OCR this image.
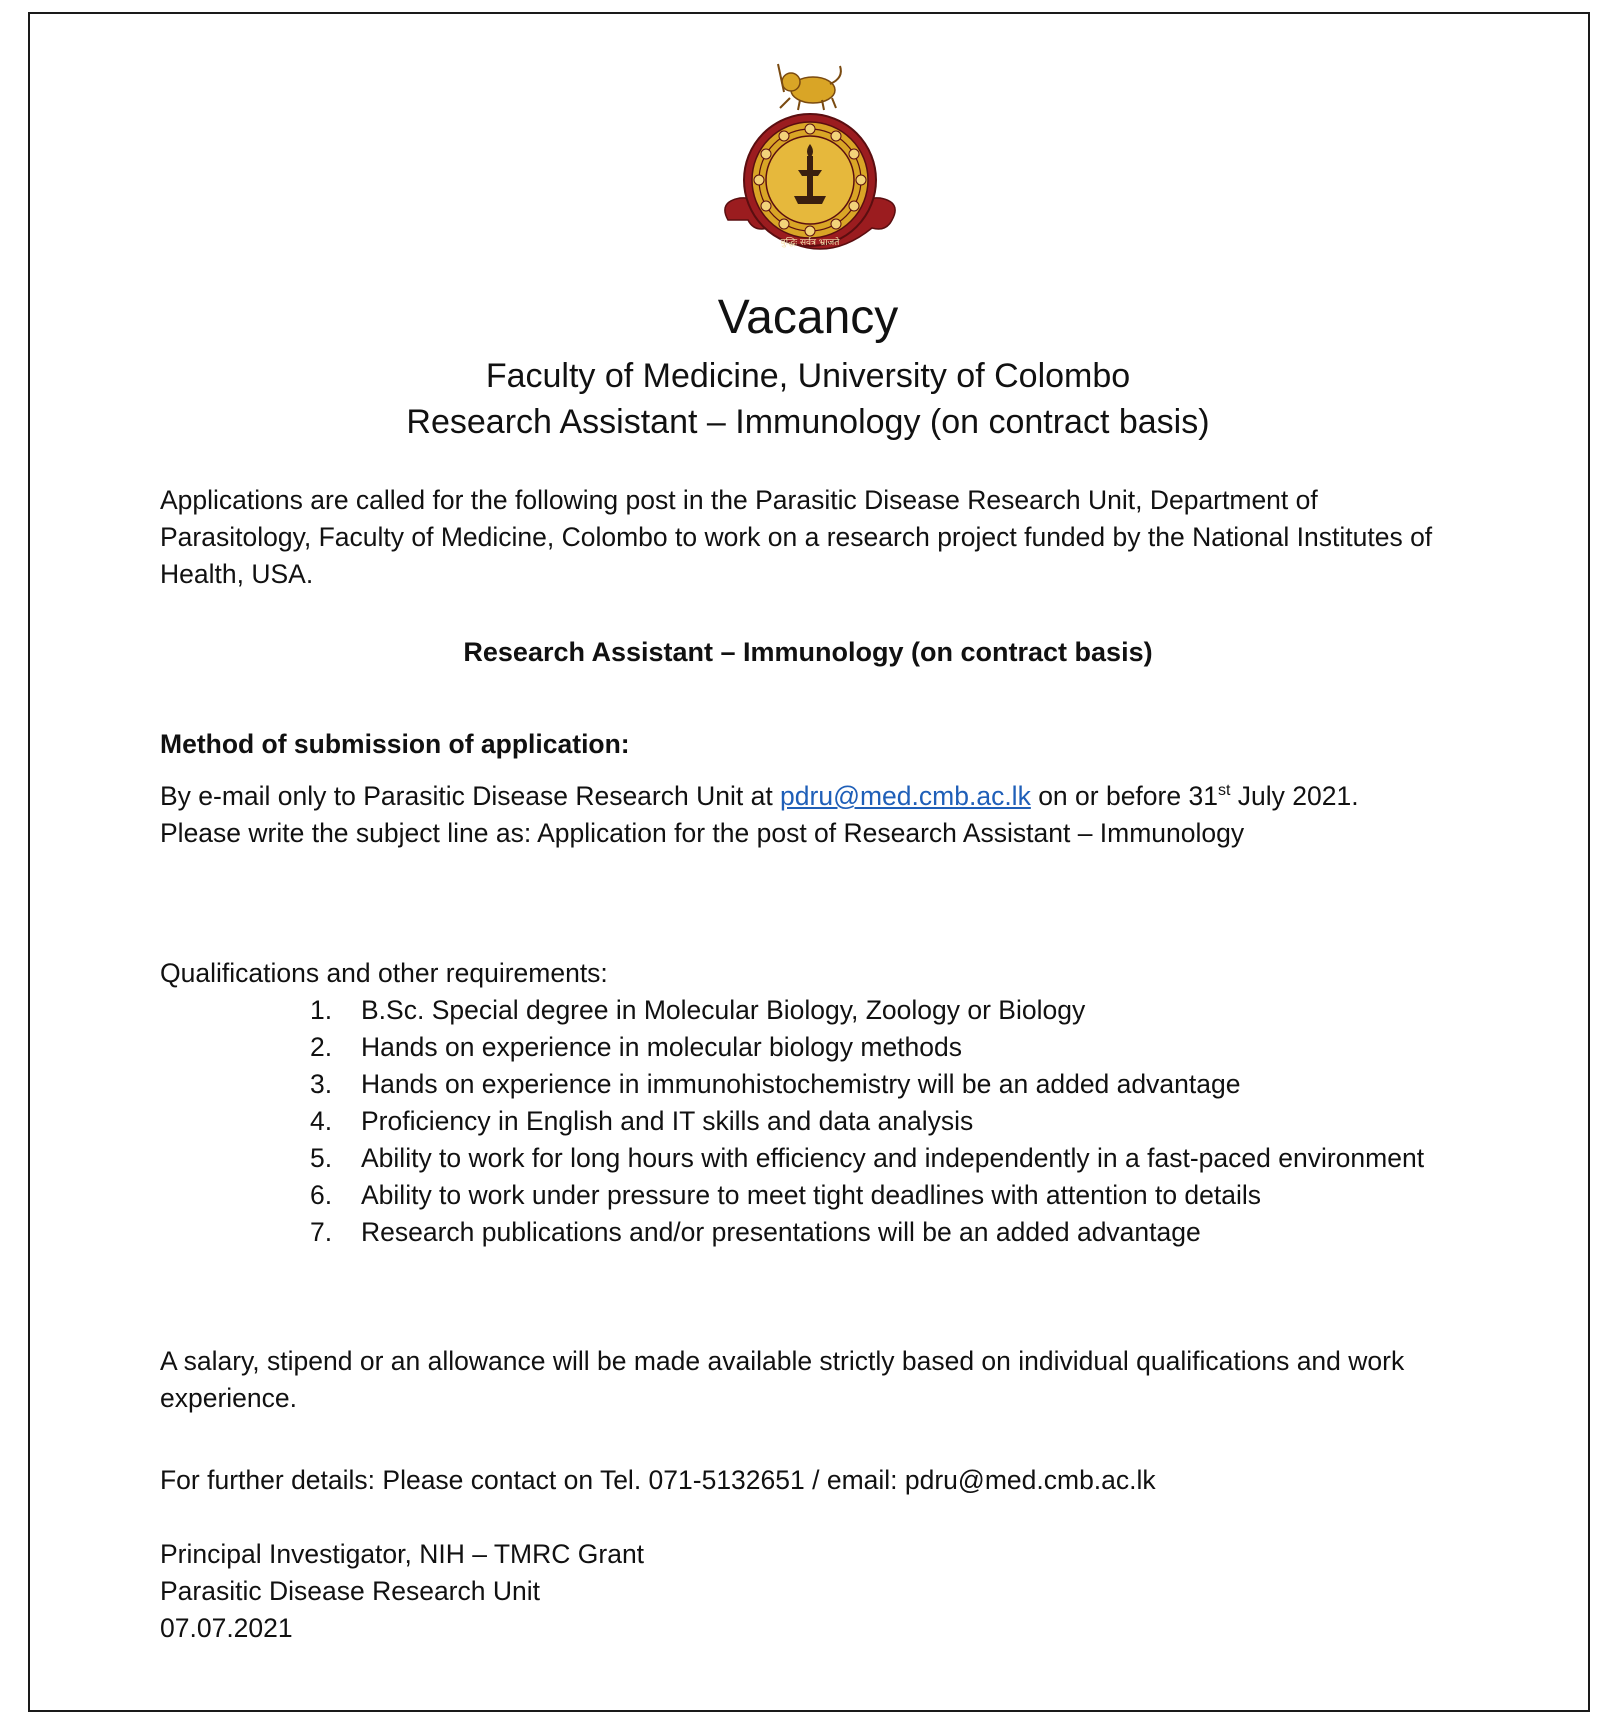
बुद्धिः सर्वत्र भ्राजते
Vacancy
Faculty of Medicine, University of Colombo
Research Assistant – Immunology (on contract basis)
Applications are called for the following post in the Parasitic Disease Research Unit, Department of Parasitology, Faculty of Medicine, Colombo to work on a research project funded by the National Institutes of Health, USA.
Research Assistant – Immunology (on contract basis)
Method of submission of application:
By e-mail only to Parasitic Disease Research Unit at pdru@med.cmb.ac.lk on or before 31st July 2021.
Please write the subject line as: Application for the post of Research Assistant – Immunology
Qualifications and other requirements:
1. B.Sc. Special degree in Molecular Biology, Zoology or Biology
2. Hands on experience in molecular biology methods
3. Hands on experience in immunohistochemistry will be an added advantage
4. Proficiency in English and IT skills and data analysis
5. Ability to work for long hours with efficiency and independently in a fast-paced environment
6. Ability to work under pressure to meet tight deadlines with attention to details
7. Research publications and/or presentations will be an added advantage
A salary, stipend or an allowance will be made available strictly based on individual qualifications and work experience.
For further details: Please contact on Tel. 071-5132651 / email: pdru@med.cmb.ac.lk
Principal Investigator, NIH – TMRC Grant
Parasitic Disease Research Unit
07.07.2021
